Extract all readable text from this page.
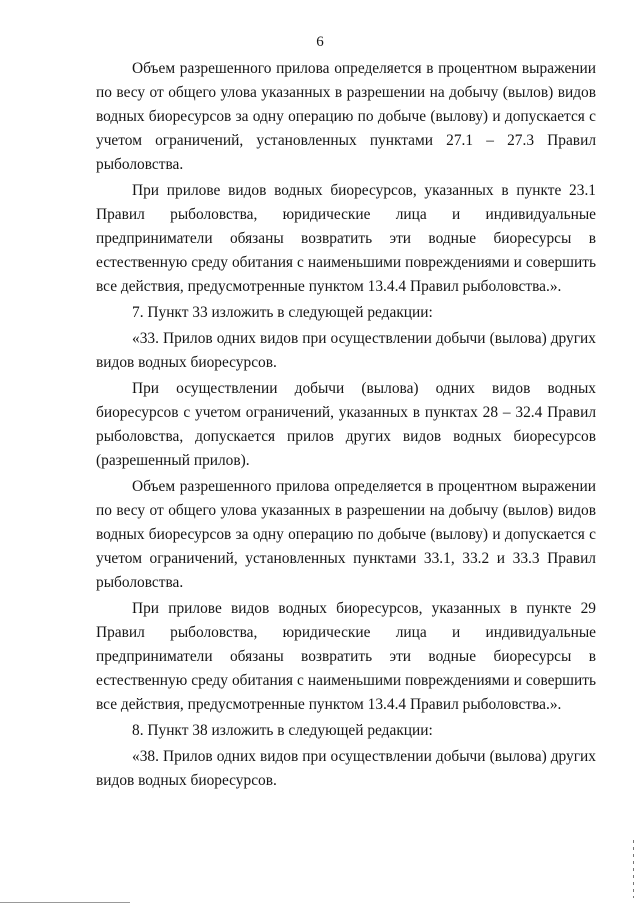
6

Объем разрешенного прилова определяется в процентном выражении по весу от общего улова указанных в разрешении на добычу (вылов) видов водных биоресурсов за одну операцию по добыче (вылову) и допускается с учетом ограничений, установленных пунктами 27.1 – 27.3 Правил рыболовства.

При прилове видов водных биоресурсов, указанных в пункте 23.1 Правил рыболовства, юридические лица и индивидуальные предприниматели обязаны возвратить эти водные биоресурсы в естественную среду обитания с наименьшими повреждениями и совершить все действия, предусмотренные пунктом 13.4.4 Правил рыболовства.».

7. Пункт 33 изложить в следующей редакции:

«33. Прилов одних видов при осуществлении добычи (вылова) других видов водных биоресурсов.

При осуществлении добычи (вылова) одних видов водных биоресурсов с учетом ограничений, указанных в пунктах 28 – 32.4 Правил рыболовства, допускается прилов других видов водных биоресурсов (разрешенный прилов).

Объем разрешенного прилова определяется в процентном выражении по весу от общего улова указанных в разрешении на добычу (вылов) видов водных биоресурсов за одну операцию по добыче (вылову) и допускается с учетом ограничений, установленных пунктами 33.1, 33.2 и 33.3 Правил рыболовства.

При прилове видов водных биоресурсов, указанных в пункте 29 Правил рыболовства, юридические лица и индивидуальные предприниматели обязаны возвратить эти водные биоресурсы в естественную среду обитания с наименьшими повреждениями и совершить все действия, предусмотренные пунктом 13.4.4 Правил рыболовства.».

8. Пункт 38 изложить в следующей редакции:

«38. Прилов одних видов при осуществлении добычи (вылова) других видов водных биоресурсов.
